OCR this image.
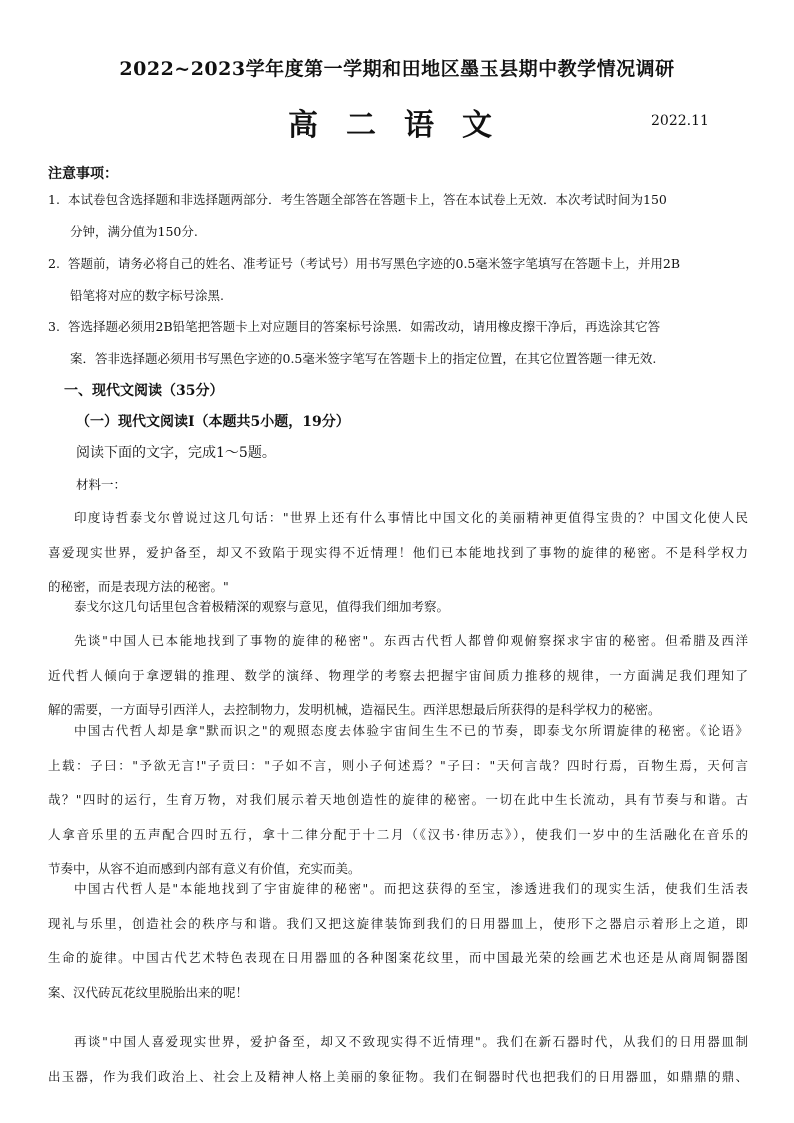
2022~2023学年度第一学期和田地区墨玉县期中教学情况调研
高二语文	2022.11
注意事项：
1. 本试卷包含选择题和非选择题两部分．考生答题全部答在答题卡上，答在本试卷上无效．本次考试时间为150
分钟，满分值为150分.
2. 答题前，请务必将自己的姓名、准考证号（考试号）用书写黑色字迹的0.5毫米签字笔填写在答题卡上，并用2B
铅笔将对应的数字标号涂黑.
3. 答选择题必须用2B铅笔把答题卡上对应题目的答案标号涂黑．如需改动，请用橡皮擦干净后，再选涂其它答
案．答非选择题必须用书写黑色字迹的0.5毫米签字笔写在答题卡上的指定位置，在其它位置答题一律无效.
一、现代文阅读（35分）
（一）现代文阅读Ⅰ（本题共5小题，19分）
阅读下面的文字，完成1～5题。
材料一：
印度诗哲泰戈尔曾说过这几句话："世界上还有什么事情比中国文化的美丽精神更值得宝贵的？中国文化使人民
喜爱现实世界，爱护备至，却又不致陷于现实得不近情理！他们已本能地找到了事物的旋律的秘密。不是科学权力
的秘密，而是表现方法的秘密。"
泰戈尔这几句话里包含着极精深的观察与意见，值得我们细加考察。
先谈"中国人已本能地找到了事物的旋律的秘密"。东西古代哲人都曾仰观俯察探求宇宙的秘密。但希腊及西洋
近代哲人倾向于拿逻辑的推理、数学的演绎、物理学的考察去把握宇宙间质力推移的规律，一方面满足我们理知了
解的需要，一方面导引西洋人，去控制物力，发明机械，造福民生。西洋思想最后所获得的是科学权力的秘密。
中国古代哲人却是拿"默而识之"的观照态度去体验宇宙间生生不已的节奏，即泰戈尔所谓旋律的秘密。《论语》
上载：子曰："予欲无言!"子贡曰："子如不言，则小子何述焉？"子曰："天何言哉？四时行焉，百物生焉，天何言
哉？"四时的运行，生育万物，对我们展示着天地创造性的旋律的秘密。一切在此中生长流动，具有节奏与和谐。古
人拿音乐里的五声配合四时五行，拿十二律分配于十二月（《汉书·律历志》），使我们一岁中的生活融化在音乐的
节奏中，从容不迫而感到内部有意义有价值，充实而美。
中国古代哲人是"本能地找到了宇宙旋律的秘密"。而把这获得的至宝，渗透进我们的现实生活，使我们生活表
现礼与乐里，创造社会的秩序与和谐。我们又把这旋律装饰到我们的日用器皿上，使形下之器启示着形上之道，即
生命的旋律。中国古代艺术特色表现在日用器皿的各种图案花纹里，而中国最光荣的绘画艺术也还是从商周铜器图
案、汉代砖瓦花纹里脱胎出来的呢！
再谈"中国人喜爱现实世界，爱护备至，却又不致现实得不近情理"。我们在新石器时代，从我们的日用器皿制
出玉器，作为我们政治上、社会上及精神人格上美丽的象征物。我们在铜器时代也把我们的日用器皿，如鼎鼎的鼎、
